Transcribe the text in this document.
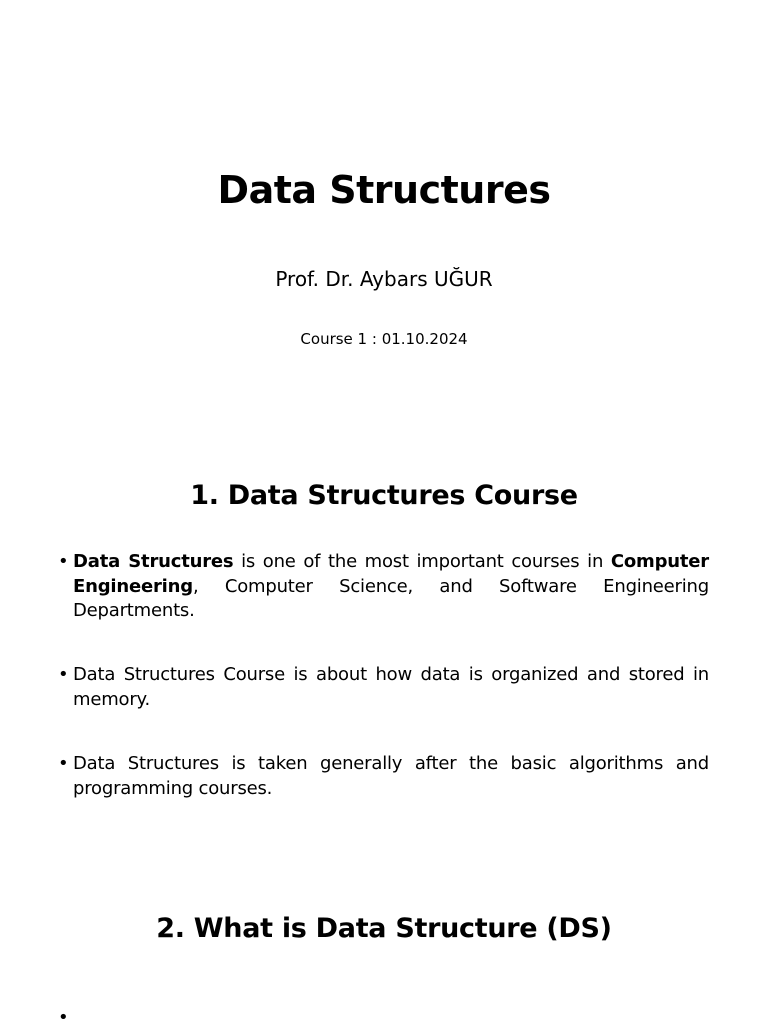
Data Structures
Prof. Dr. Aybars UĞUR
Course 1 : 01.10.2024
1. Data Structures Course
• Data Structures is one of the most important courses in Computer Engineering, Computer Science, and Software Engineering Departments.
• Data Structures Course is about how data is organized and stored in memory.
• Data Structures is taken generally after the basic algorithms and programming courses.
2. What is Data Structure (DS)
•
